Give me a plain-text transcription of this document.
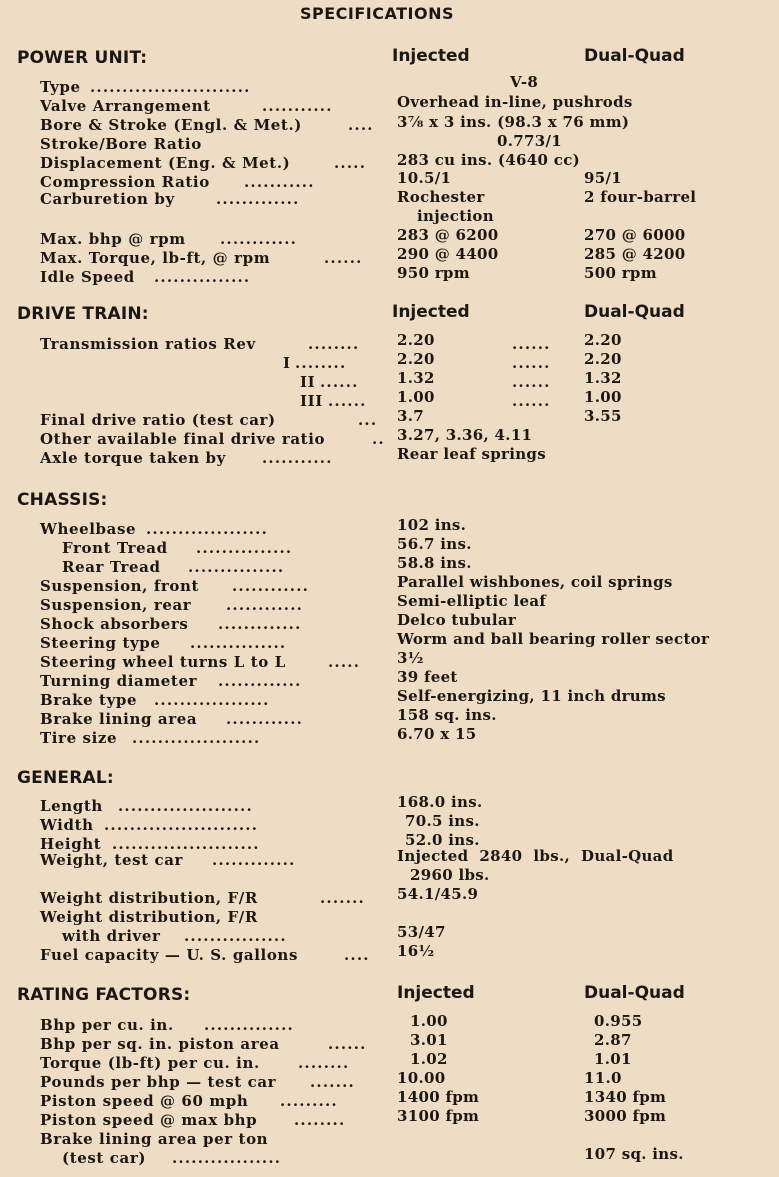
SPECIFICATIONS
POWER UNIT:	Injected	Dual-Quad
Type .........................	V-8
Valve Arrangement	...........	Overhead in-line, pushrods
Bore & Stroke (Engl. & Met.)	.... 3⅞ x 3 ins. (98.3 x 76 mm)
Stroke/Bore Ratio	0.773/1
Displacement (Eng. & Met.)	..... 283 cu ins. (4640 cc)
Compression Ratio ...........	10.5/1	95/1
Carburetion by	.............	Rochester	2 four-barrel
injection
Max. bhp @ rpm ............	283 @ 6200	270 @ 6000
Max. Torque, lb-ft, @ rpm	...... 290 @ 4400	285 @ 4200
Idle Speed ...............	950 rpm	500 rpm
DRIVE TRAIN:	Injected	Dual-Quad
Transmission ratios Rev	........	2.20	...... 2.20
I ........	2.20	...... 2.20
II ......	1.32	...... 1.32
III ...... 1.00	...... 1.00
Final drive ratio (test car)	... 3.7	3.55
Other available final drive ratio	.. 3.27, 3.36, 4.11
Axle torque taken by ...........	Rear leaf springs
CHASSIS:
Wheelbase ...................	102 ins.
Front Tread ...............	56.7 ins.
Rear Tread ...............	58.8 ins.
Suspension, front ............	Parallel wishbones, coil springs
Suspension, rear ............	Semi-elliptic leaf
Shock absorbers .............	Delco tubular
Steering type ...............	Worm and ball bearing roller sector
Steering wheel turns L to L	..... 3½
Turning diameter .............	39 feet
Brake type ..................	Self-energizing, 11 inch drums
Brake lining area ............	158 sq. ins.
Tire size ....................	6.70 x 15
GENERAL:
Length .....................	168.0 ins.
Width ........................	70.5 ins.
Height .......................	52.0 ins.
Weight, test car .............	Injected  2840  lbs.,  Dual-Quad
2960 lbs.
Weight distribution, F/R	....... 54.1/45.9
Weight distribution, F/R
with driver ................	53/47
Fuel capacity — U. S. gallons	.... 16½
RATING FACTORS:	Injected	Dual-Quad
Bhp per cu. in. ..............	1.00	0.955
Bhp per sq. in. piston area	......	3.01	2.87
Torque (lb-ft) per cu. in.	........	1.02	1.01
Pounds per bhp — test car .......	10.00	11.0
Piston speed @ 60 mph .........	1400 fpm	1340 fpm
Piston speed @ max bhp ........	3100 fpm	3000 fpm
Brake lining area per ton
(test car) .................	107 sq. ins.
